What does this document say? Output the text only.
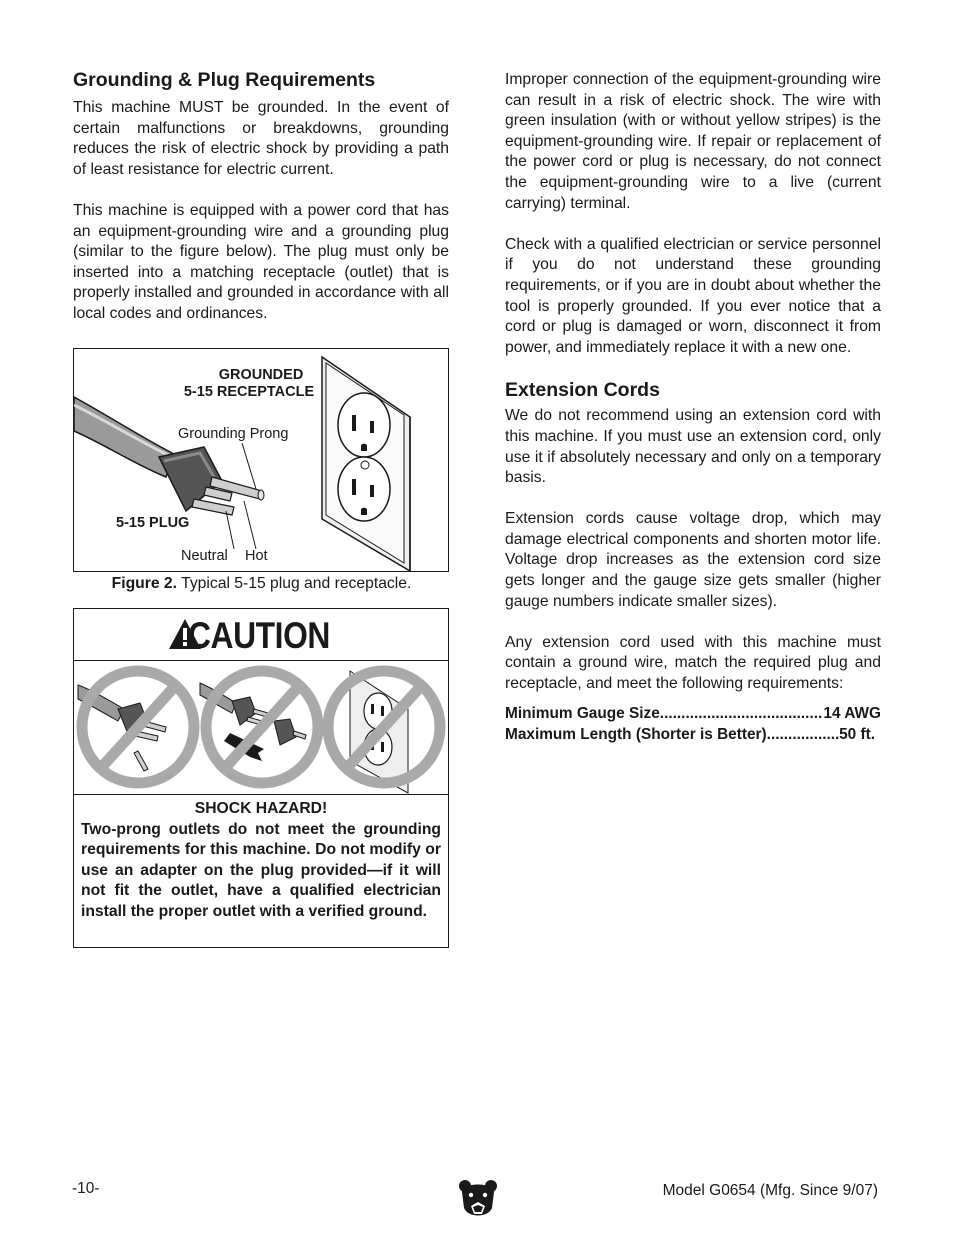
Grounding & Plug Requirements

This machine MUST be grounded. In the event of certain malfunctions or breakdowns, grounding reduces the risk of electric shock by providing a path of least resistance for electric current.

This machine is equipped with a power cord that has an equipment-grounding wire and a grounding plug (similar to the figure below). The plug must only be inserted into a matching receptacle (outlet) that is properly installed and grounded in accordance with all local codes and ordinances.

GROUNDED
5-15 RECEPTACLE
Grounding Prong
5-15 PLUG
Neutral Hot
Figure 2. Typical 5-15 plug and receptacle.
CAUTION
SHOCK HAZARD!

Two-prong outlets do not meet the grounding requirements for this machine. Do not modify or use an adapter on the plug provided—if it will not fit the outlet, have a qualified electrician install the proper outlet with a verified ground.

Improper connection of the equipment-grounding wire can result in a risk of electric shock. The wire with green insulation (with or without yellow stripes) is the equipment-grounding wire. If repair or replacement of the power cord or plug is necessary, do not connect the equipment-grounding wire to a live (current carrying) terminal.

Check with a qualified electrician or service personnel if you do not understand these grounding requirements, or if you are in doubt about whether the tool is properly grounded. If you ever notice that a cord or plug is damaged or worn, disconnect it from power, and immediately replace it with a new one.

Extension Cords

We do not recommend using an extension cord with this machine. If you must use an extension cord, only use it if absolutely necessary and only on a temporary basis.

Extension cords cause voltage drop, which may damage electrical components and shorten motor life. Voltage drop increases as the extension cord size gets longer and the gauge size gets smaller (higher gauge numbers indicate smaller sizes).

Any extension cord used with this machine must contain a ground wire, match the required plug and receptacle, and meet the following requirements:

Minimum Gauge Size .....	14 AWG
Maximum Length (Shorter is Better) .....	50 ft.
-10-	Model G0654 (Mfg. Since 9/07)
